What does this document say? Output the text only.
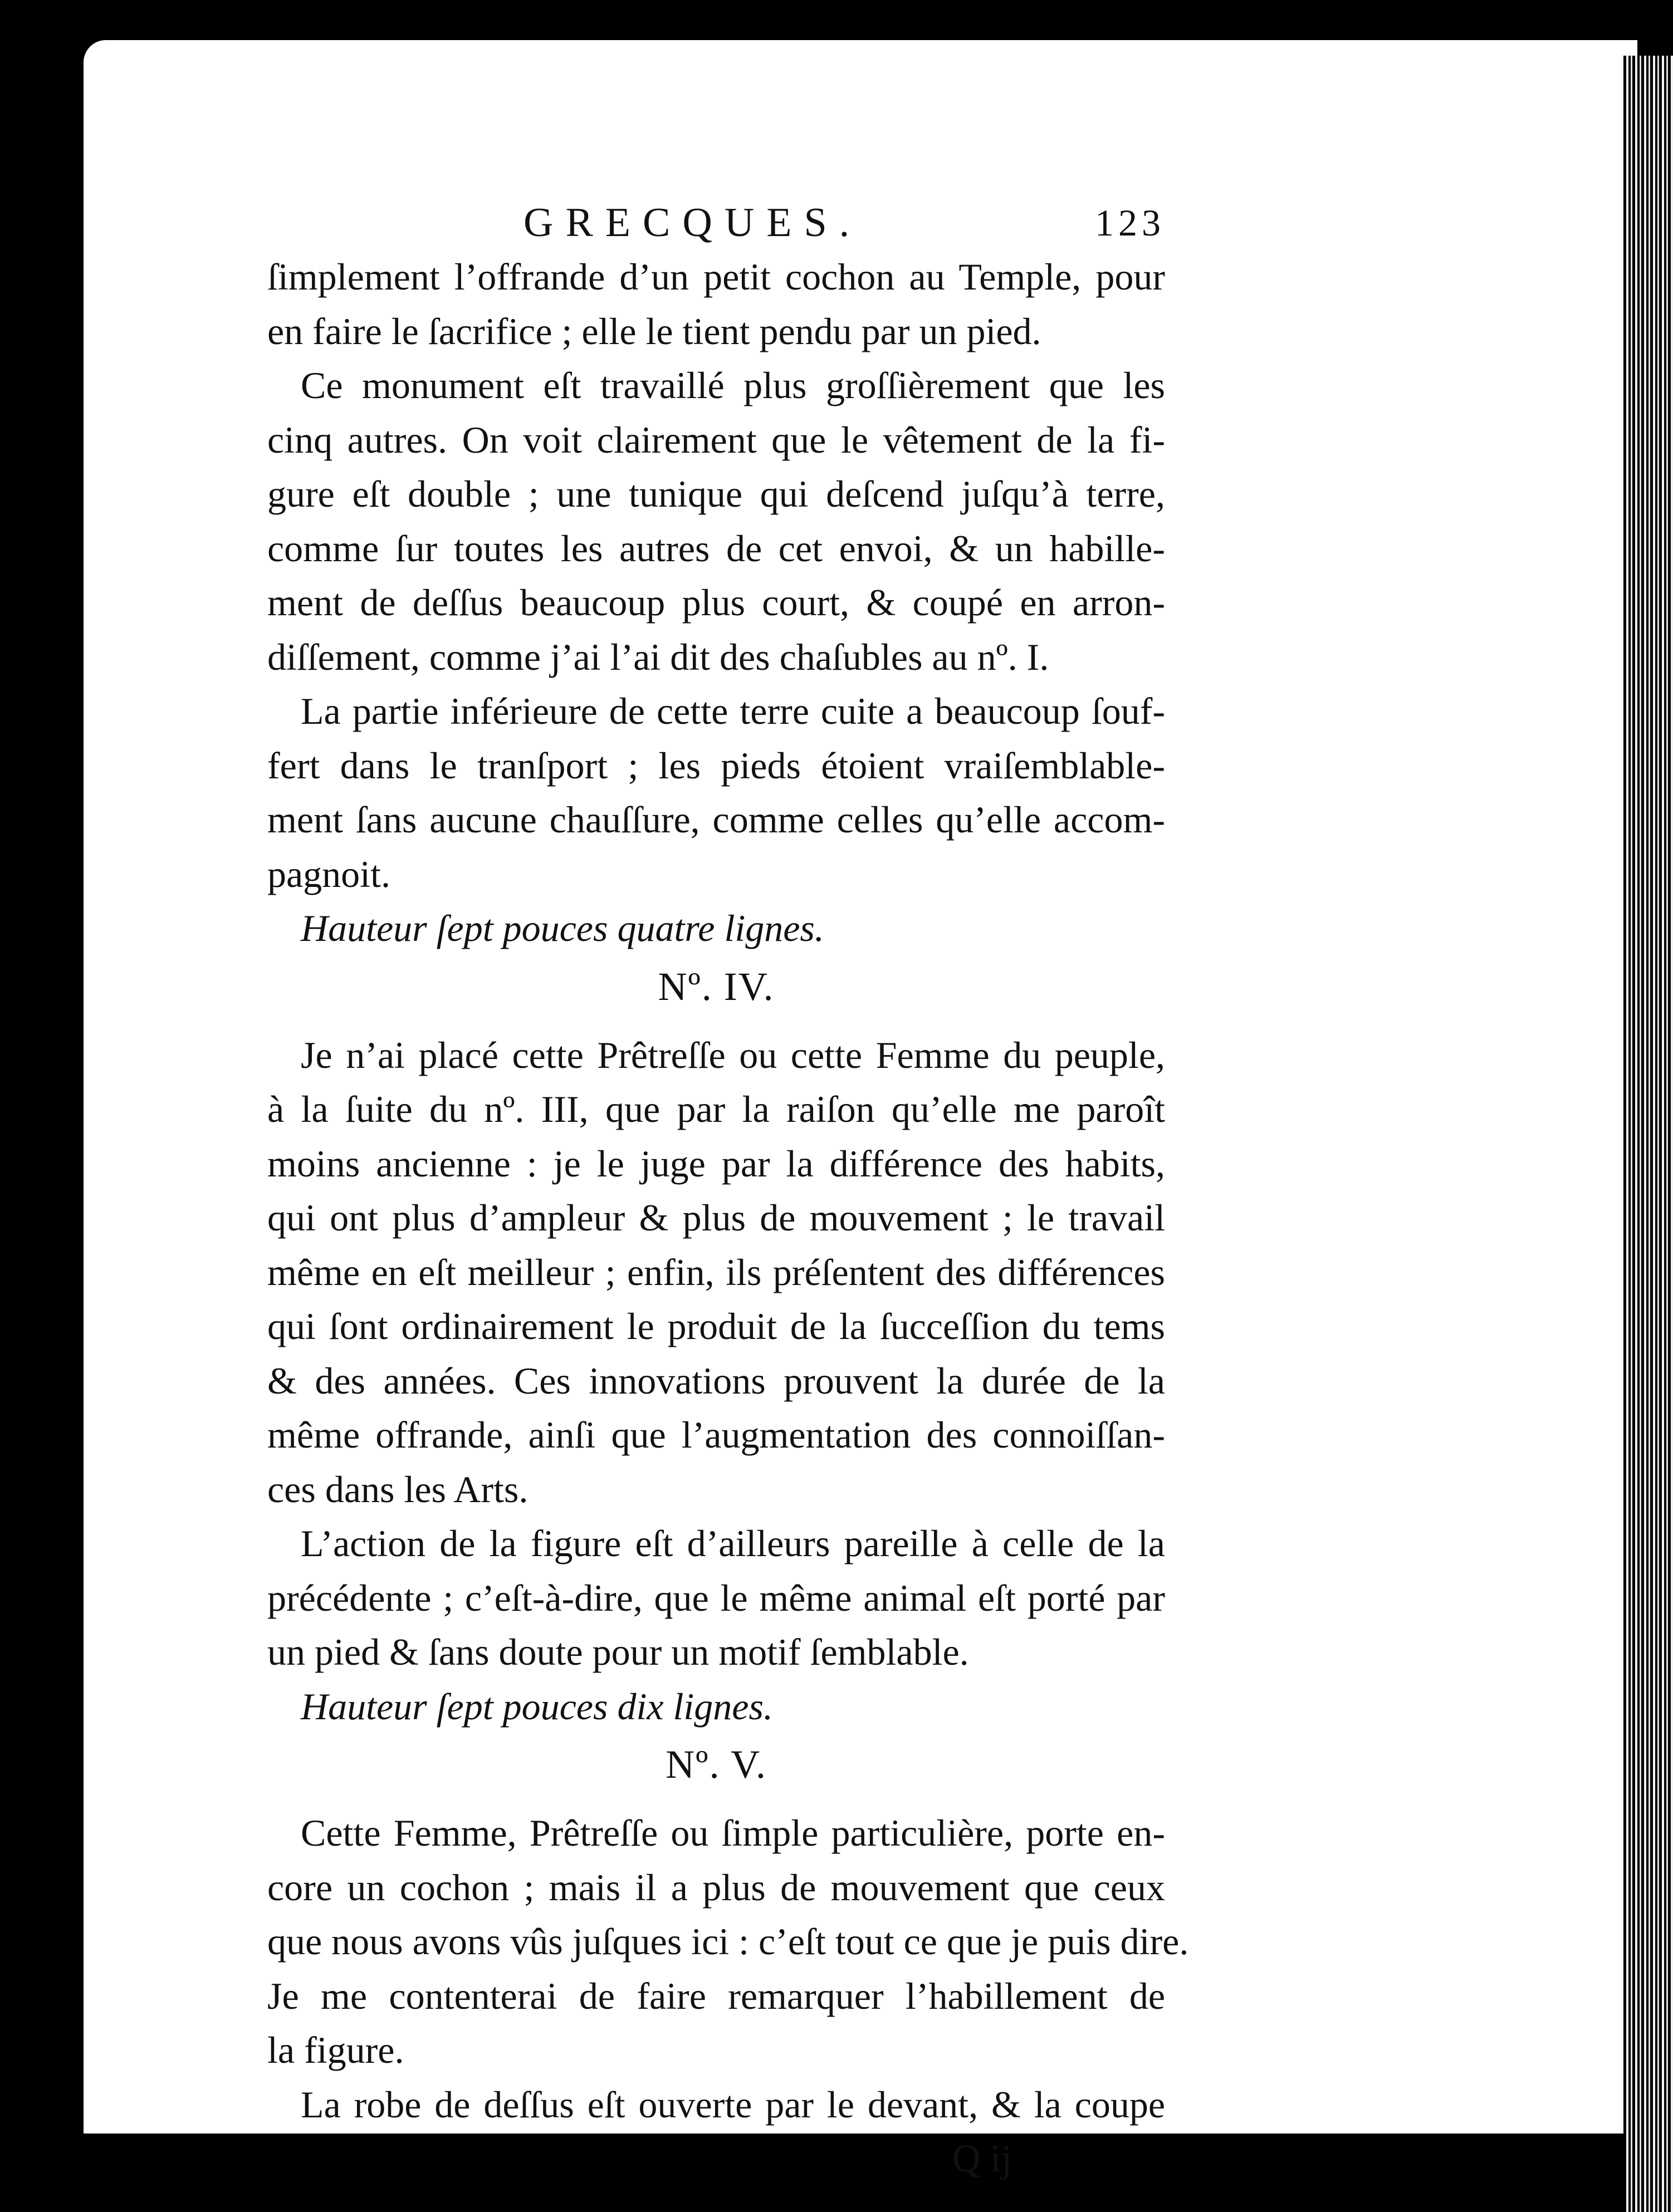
GRECQUES.	123
ſimplement l’offrande d’un petit cochon au Temple, pour
en faire le ſacrifice ; elle le tient pendu par un pied.
Ce monument eſt travaillé plus groſſièrement que les
cinq autres. On voit clairement que le vêtement de la fi-
gure eſt double ; une tunique qui deſcend juſqu’à terre,
comme ſur toutes les autres de cet envoi, & un habille-
ment de deſſus beaucoup plus court, & coupé en arron-
diſſement, comme j’ai l’ai dit des chaſubles au nº. I.
La partie inférieure de cette terre cuite a beaucoup ſouf-
fert dans le tranſport ; les pieds étoient vraiſemblable-
ment ſans aucune chauſſure, comme celles qu’elle accom-
pagnoit.
Hauteur ſept pouces quatre lignes.
Nº. IV.
Je n’ai placé cette Prêtreſſe ou cette Femme du peuple,
à la ſuite du nº. III, que par la raiſon qu’elle me paroît
moins ancienne : je le juge par la différence des habits,
qui ont plus d’ampleur & plus de mouvement ; le travail
même en eſt meilleur ; enfin, ils préſentent des différences
qui ſont ordinairement le produit de la ſucceſſion du tems
& des années. Ces innovations prouvent la durée de la
même offrande, ainſi que l’augmentation des connoiſſan-
ces dans les Arts.
L’action de la figure eſt d’ailleurs pareille à celle de la
précédente ; c’eſt-à-dire, que le même animal eſt porté par
un pied & ſans doute pour un motif ſemblable.
Hauteur ſept pouces dix lignes.
Nº. V.
Cette Femme, Prêtreſſe ou ſimple particulière, porte en-
core un cochon ; mais il a plus de mouvement que ceux
que nous avons vûs juſques ici : c’eſt tout ce que je puis dire.
Je me contenterai de faire remarquer l’habillement de
la figure.
La robe de deſſus eſt ouverte par le devant, & la coupe
Q ij
